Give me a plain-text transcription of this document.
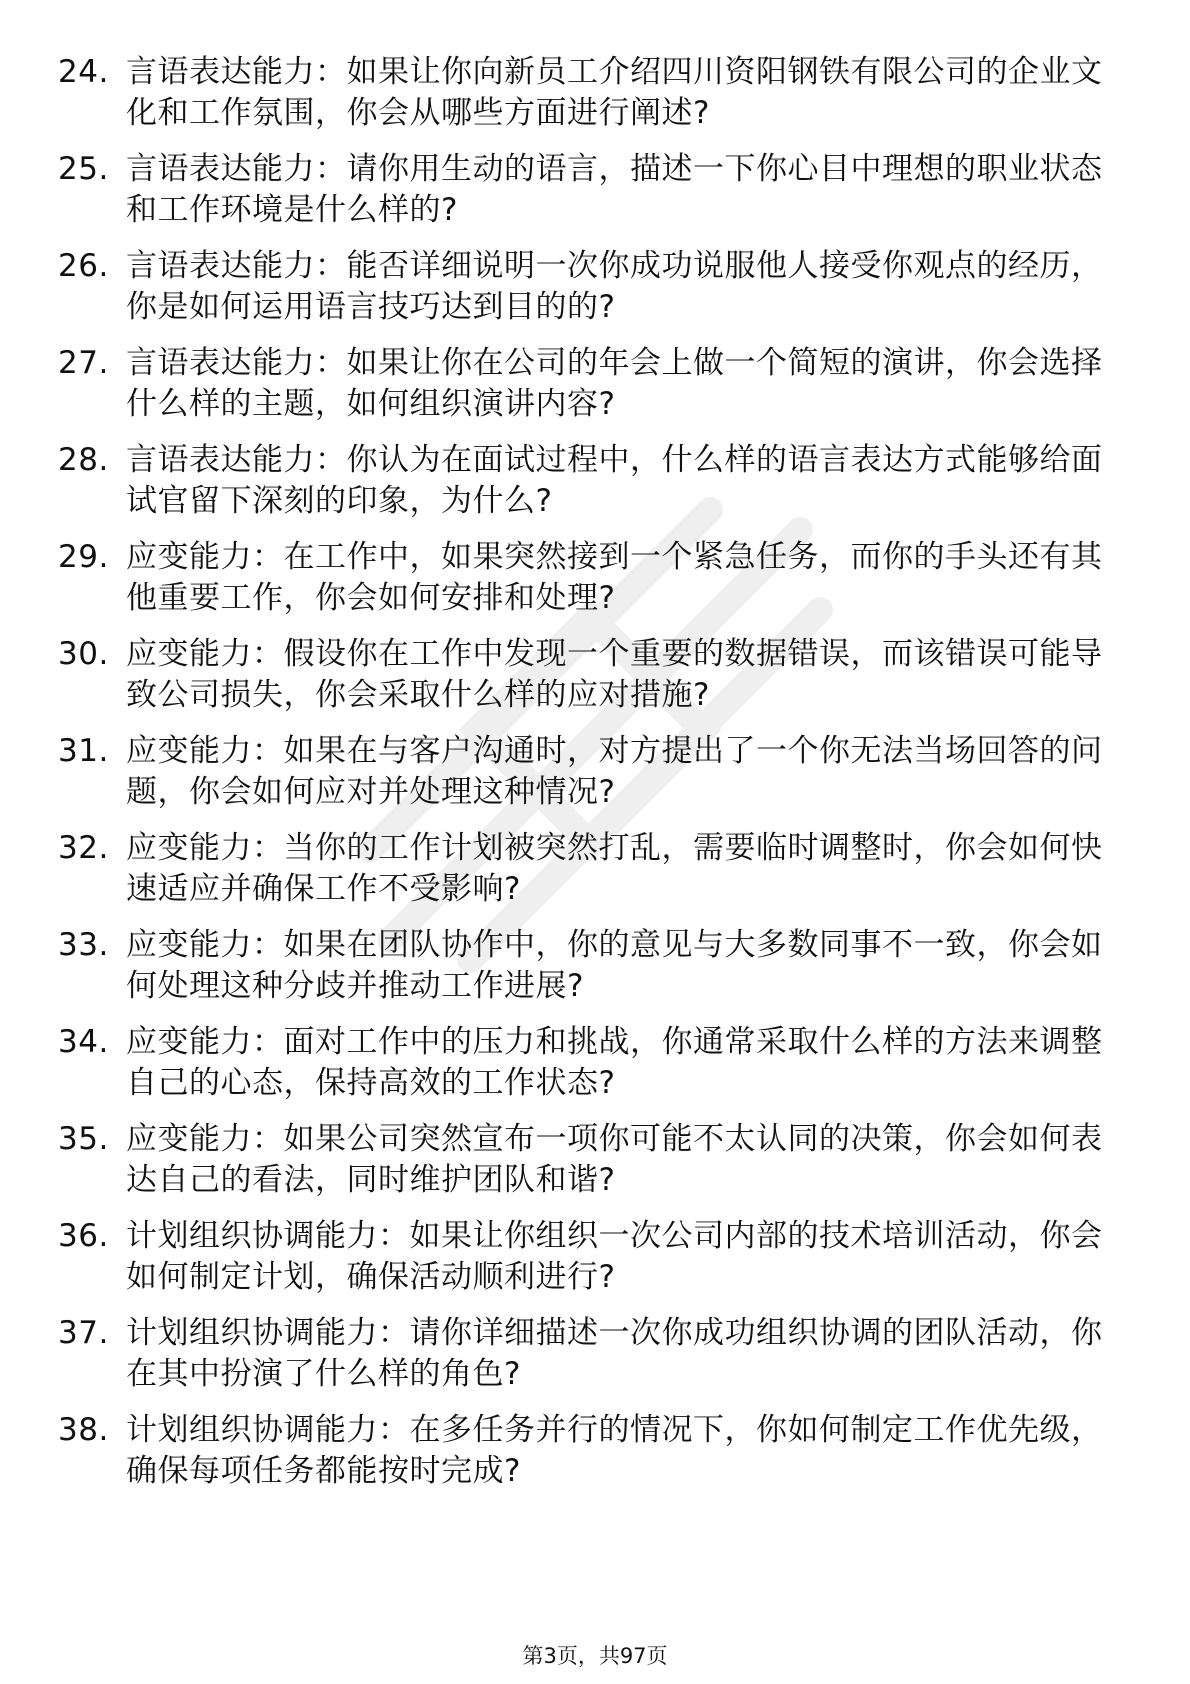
24. 言语表达能力：如果让你向新员工介绍四川资阳钢铁有限公司的企业文化和工作氛围，你会从哪些方面进行阐述?
25. 言语表达能力：请你用生动的语言，描述一下你心目中理想的职业状态和工作环境是什么样的?
26. 言语表达能力：能否详细说明一次你成功说服他人接受你观点的经历，你是如何运用语言技巧达到目的的?
27. 言语表达能力：如果让你在公司的年会上做一个简短的演讲，你会选择什么样的主题，如何组织演讲内容?
28. 言语表达能力：你认为在面试过程中，什么样的语言表达方式能够给面试官留下深刻的印象，为什么?
29. 应变能力：在工作中，如果突然接到一个紧急任务，而你的手头还有其他重要工作，你会如何安排和处理?
30. 应变能力：假设你在工作中发现一个重要的数据错误，而该错误可能导致公司损失，你会采取什么样的应对措施?
31. 应变能力：如果在与客户沟通时，对方提出了一个你无法当场回答的问题，你会如何应对并处理这种情况?
32. 应变能力：当你的工作计划被突然打乱，需要临时调整时，你会如何快速适应并确保工作不受影响?
33. 应变能力：如果在团队协作中，你的意见与大多数同事不一致，你会如何处理这种分歧并推动工作进展?
34. 应变能力：面对工作中的压力和挑战，你通常采取什么样的方法来调整自己的心态，保持高效的工作状态?
35. 应变能力：如果公司突然宣布一项你可能不太认同的决策，你会如何表达自己的看法，同时维护团队和谐?
36. 计划组织协调能力：如果让你组织一次公司内部的技术培训活动，你会如何制定计划，确保活动顺利进行?
37. 计划组织协调能力：请你详细描述一次你成功组织协调的团队活动，你在其中扮演了什么样的角色?
38. 计划组织协调能力：在多任务并行的情况下，你如何制定工作优先级，确保每项任务都能按时完成?
第3页，共97页
